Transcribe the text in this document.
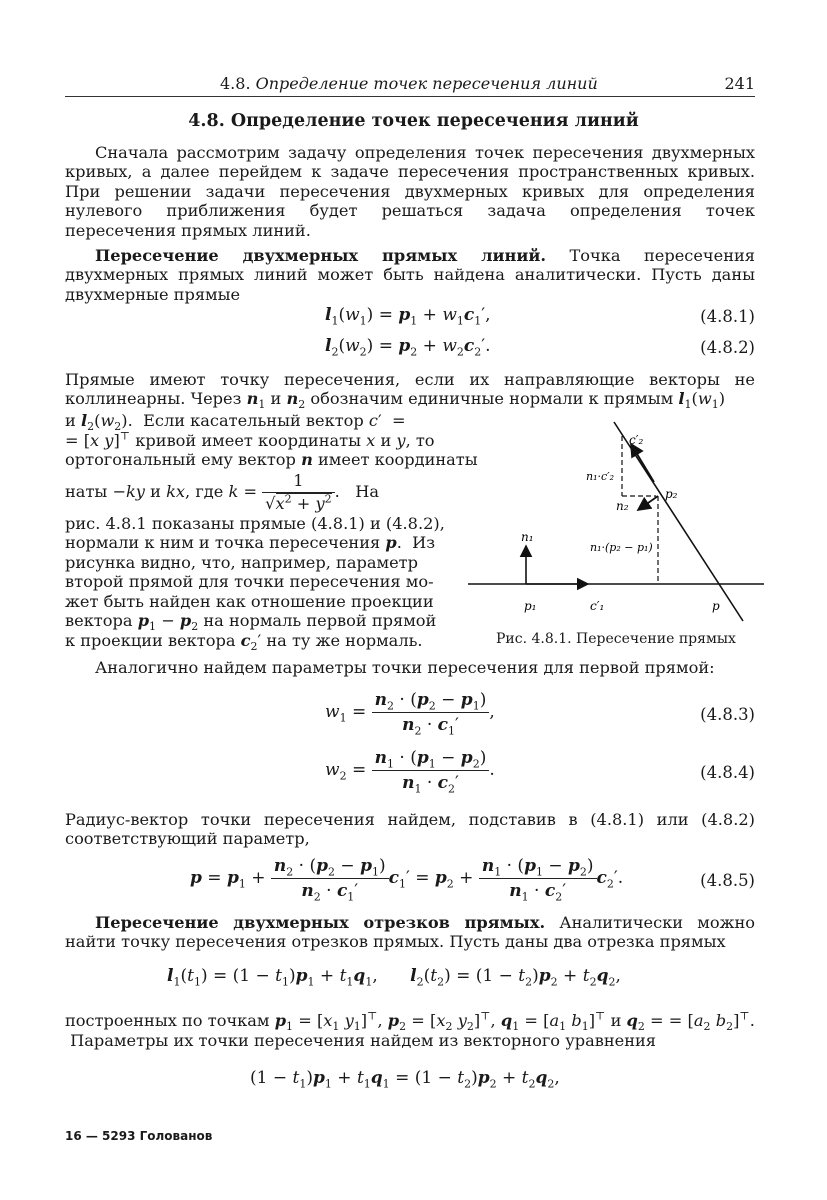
4.8. Определение точек пересечения линий	241
4.8. Определение точек пересечения линий

Сначала рассмотрим задачу определения точек пересечения двухмерных кривых, а далее перейдем к задаче пересечения пространственных кривых. При решении задачи пересечения двухмерных кривых для определения нулевого приближения будет решаться задача определения точек пересечения прямых линий.

Пересечение двухмерных прямых линий. Точка пересечения двухмерных прямых линий может быть найдена аналитически. Пусть даны двухмерные прямые

$l_1(w_1) = p_1 + w_1c_1'$,	(4.8.1)
$l_2(w_2) = p_2 + w_2c_2'$.	(4.8.2)

Прямые имеют точку пересечения, если их направляющие векторы не коллинеарны. Через $n_1$ и $n_2$ обозначим единичные нормали к прямым $l_1(w_1)$

и $l_2(w_2)$.  Если касательный вектор c′  =
= [x y]⊤ кривой имеет координаты x и y, то
ортогональный ему вектор n имеет координаты
наты −ky и kx, где $k = \frac{1}{√x^2 + y^2}$ .   На
рис. 4.8.1 показаны прямые (4.8.1) и (4.8.2),
нормали к ним и точка пересечения p.  Из
рисунка видно, что, например, параметр
второй прямой для точки пересечения мо-
жет быть найден как отношение проекции
вектора $p_1 - p_2$ на нормаль первой прямой
к проекции вектора $c_2'$ на ту же нормаль.
c′₂
n₁·c′₂
p₂
n₂
n₁
n₁·(p₂ − p₁)
p₁	c′₁	p
Рис. 4.8.1. Пересечение прямых

Аналогично найдем параметры точки пересечения для первой прямой:

$w_1 = \frac{n_2 \cdot (p_2 - p_1)}{n_2 \cdot c_1'}$ ,	(4.8.3)
$w_2 = \frac{n_1 \cdot (p_1 - p_2)}{n_1 \cdot c_2'}$ .	(4.8.4)

Радиус-вектор точки пересечения найдем, подставив в (4.8.1) или (4.8.2) соответствующий параметр,

$p = p_1 + \frac{n_2 \cdot (p_2 - p_1)}{n_2 \cdot c_1'} c_1' = p_2 + \frac{n_1 \cdot (p_1 - p_2)}{n_1 \cdot c_2'} c_2'$.	(4.8.5)

Пересечение двухмерных отрезков прямых. Аналитически можно найти точку пересечения отрезков прямых. Пусть даны два отрезка прямых

$l_1(t_1) = (1 - t_1)p_1 + t_1q_1$,      $l_2(t_2) = (1 - t_2)p_2 + t_2q_2$,

построенных по точкам $p_1 = [x_1$ $y_1]^⊤$, $p_2 = [x_2$ $y_2]^⊤$, $q_1 = [a_1$ $b_1]^⊤$ и $q_2$ = = [$a_2$ $b_2]^⊤$.  Параметры их точки пересечения найдем из векторного уравнения

$(1 - t_1)p_1 + t_1q_1 = (1 - t_2)p_2 + t_2q_2$,
16 — 5293 Голованов
